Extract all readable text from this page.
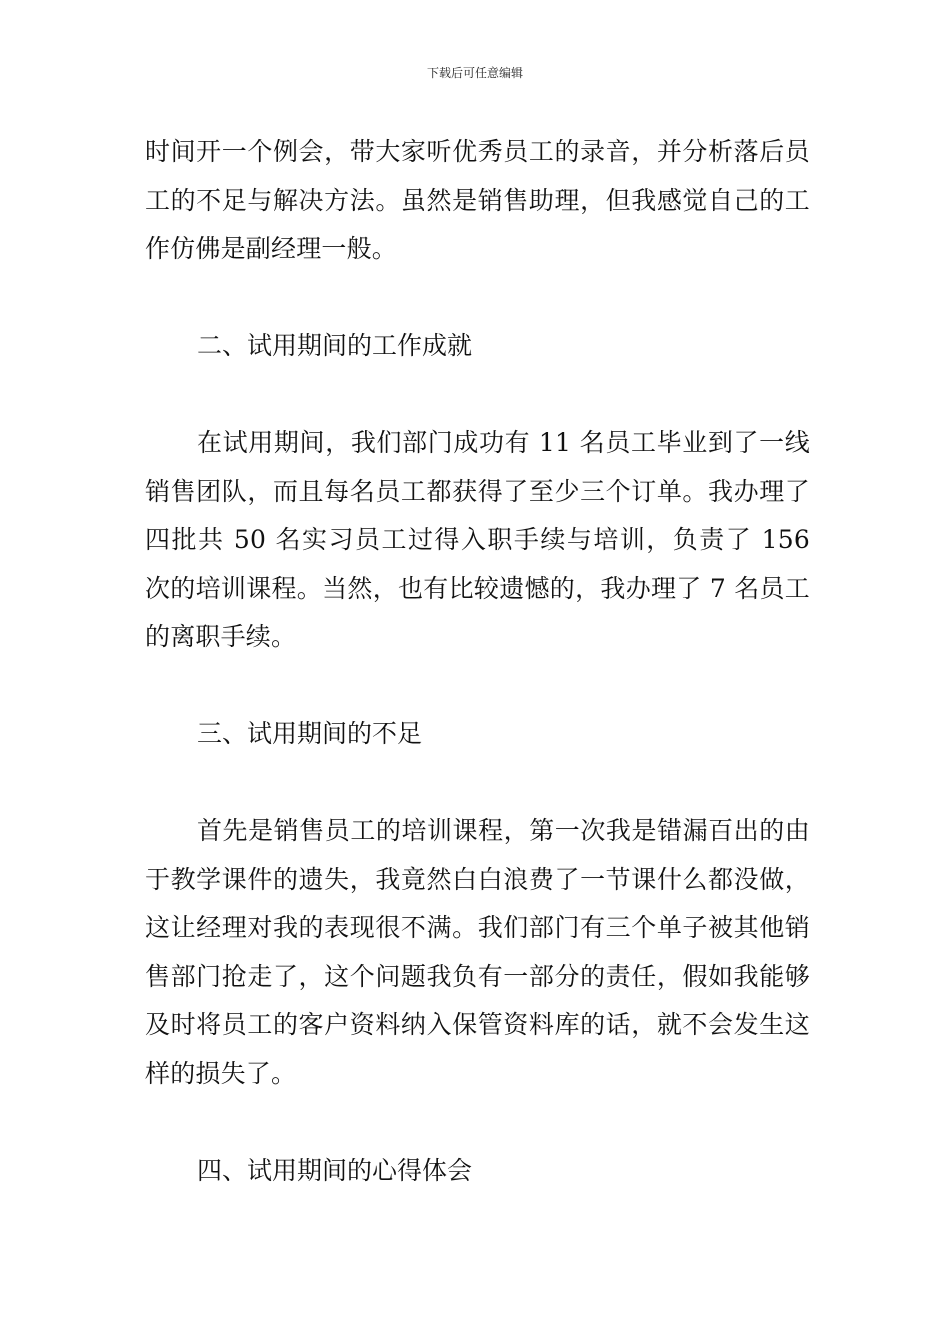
下载后可任意编辑

时间开一个例会，带大家听优秀员工的录音，并分析落后员工的不足与解决方法。虽然是销售助理，但我感觉自己的工作仿佛是副经理一般。

二、试用期间的工作成就

在试用期间，我们部门成功有 11 名员工毕业到了一线销售团队，而且每名员工都获得了至少三个订单。我办理了四批共 50 名实习员工过得入职手续与培训，负责了 156 次的培训课程。当然，也有比较遗憾的，我办理了 7 名员工的离职手续。

三、试用期间的不足

首先是销售员工的培训课程，第一次我是错漏百出的由于教学课件的遗失，我竟然白白浪费了一节课什么都没做，这让经理对我的表现很不满。我们部门有三个单子被其他销售部门抢走了，这个问题我负有一部分的责任，假如我能够及时将员工的客户资料纳入保管资料库的话，就不会发生这样的损失了。

四、试用期间的心得体会
